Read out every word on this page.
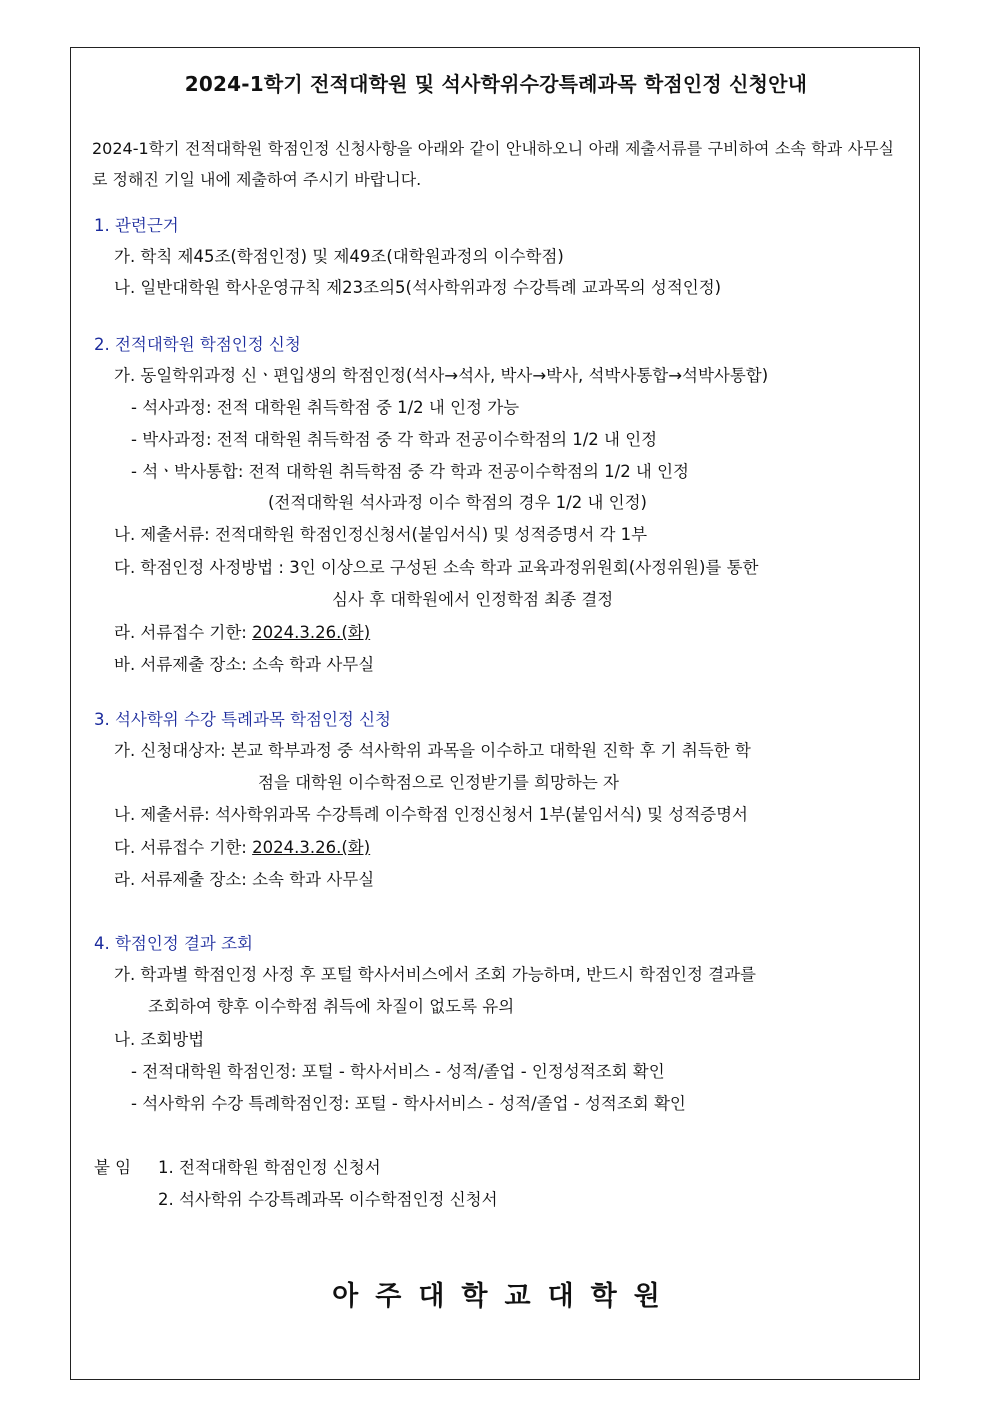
2024-1학기 전적대학원 및 석사학위수강특례과목 학점인정 신청안내
2024-1학기 전적대학원 학점인정 신청사항을 아래와 같이 안내하오니 아래 제출서류를 구비하여 소속 학과 사무실로 정해진 기일 내에 제출하여 주시기 바랍니다.
1. 관련근거
가. 학칙 제45조(학점인정) 및 제49조(대학원과정의 이수학점)
나. 일반대학원 학사운영규칙 제23조의5(석사학위과정 수강특례 교과목의 성적인정)
2. 전적대학원 학점인정 신청
가. 동일학위과정 신ㆍ편입생의 학점인정(석사→석사, 박사→박사, 석박사통합→석박사통합)
- 석사과정: 전적 대학원 취득학점 중 1/2 내 인정 가능
- 박사과정: 전적 대학원 취득학점 중 각 학과 전공이수학점의 1/2 내 인정
- 석ㆍ박사통합: 전적 대학원 취득학점 중 각 학과 전공이수학점의 1/2 내 인정
(전적대학원 석사과정 이수 학점의 경우 1/2 내 인정)
나. 제출서류: 전적대학원 학점인정신청서(붙임서식) 및 성적증명서 각 1부
다. 학점인정 사정방법 : 3인 이상으로 구성된 소속 학과 교육과정위원회(사정위원)를 통한
심사 후 대학원에서 인정학점 최종 결정
라. 서류접수 기한: 2024.3.26.(화)
바. 서류제출 장소: 소속 학과 사무실
3. 석사학위 수강 특례과목 학점인정 신청
가. 신청대상자: 본교 학부과정 중 석사학위 과목을 이수하고 대학원 진학 후 기 취득한 학
점을 대학원 이수학점으로 인정받기를 희망하는 자
나. 제출서류: 석사학위과목 수강특례 이수학점 인정신청서 1부(붙임서식) 및 성적증명서
다. 서류접수 기한: 2024.3.26.(화)
라. 서류제출 장소: 소속 학과 사무실
4. 학점인정 결과 조회
가. 학과별 학점인정 사정 후 포털 학사서비스에서 조회 가능하며, 반드시 학점인정 결과를
조회하여 향후 이수학점 취득에 차질이 없도록 유의
나. 조회방법
- 전적대학원 학점인정: 포털 - 학사서비스 - 성적/졸업 - 인정성적조회 확인
- 석사학위 수강 특례학점인정: 포털 - 학사서비스 - 성적/졸업 - 성적조회 확인
붙 임 1. 전적대학원 학점인정 신청서
2. 석사학위 수강특례과목 이수학점인정 신청서
아주대학교대학원
